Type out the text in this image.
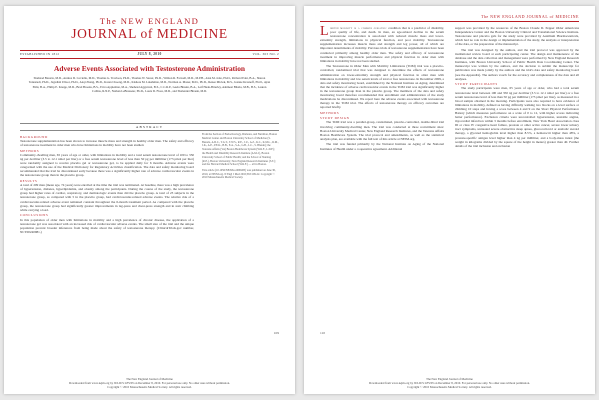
The NEW ENGLAND
JOURNAL of MEDICINE
ESTABLISHED IN 1812	JULY 8, 2010	VOL. 363 NO. 2
Adverse Events Associated with Testosterone Administration
Shehzad Basaria, M.D., Andrea D. Coviello, M.D., Thomas G. Travison, Ph.D., Thomas W. Storer, Ph.D., Wildon R. Farwell, M.D., M.P.H., Alan M. Jette, Ph.D., Richard Eder, B.A., Sharon Tennstedt, Ph.D., Jagadish Ulloor, Ph.D., Anqi Zhang, Ph.D., Karen Choong, M.D., Kishore M. Lakshman, M.D., Norman A. Mazer, M.D., Ph.D., Renee Miciek, M.S., Jeanne Krasnoff, Ph.D., Ayan Elmi, B.A., Philip E. Knapp, M.D., Brad Brooks, B.S., Erica Appleman, M.A., Shehzad Aggarwal, B.S., C.C.R.P., Gaela Bhasin, B.A., Leif Hede-Brierley, Ashmeet Bhatia, M.B., B.S., Lauren Collins, R.N.P., Nathan LeBrasseur, Ph.D., Louis D. Fiore, M.D., and Shalender Bhasin, M.D.
ABSTRACT
BACKGROUND

Testosterone supplementation has been shown to increase muscle mass and strength in healthy older men. The safety and efficacy of testosterone treatment in older men who have limitations in mobility have not been studied.

METHODS

Community-dwelling men, 65 years of age or older, with limitations in mobility and a total serum testosterone level of 100 to 350 ng per deciliter (3.5 to 12.1 nmol per liter) or a free serum testosterone level of less than 50 pg per milliliter (173 pmol per liter) were randomly assigned to receive placebo gel or testosterone gel, to be applied daily for 6 months. Adverse events were categorized with the use of the Medical Dictionary for Regulatory Activities classification. The data and safety monitoring board recommended that the trial be discontinued early because there was a significantly higher rate of adverse cardiovascular events in the testosterone group than in the placebo group.

RESULTS

A total of 209 men (mean age, 74 years) were enrolled at the time the trial was terminated. At baseline, there was a high prevalence of hypertension, diabetes, hyperlipidemia, and obesity among the participants. During the course of the study, the testosterone group had higher rates of cardiac, respiratory, and dermatologic events than did the placebo group. A total of 23 subjects in the testosterone group, as compared with 5 in the placebo group, had cardiovascular-related adverse events. The relative risk of a cardiovascular-related adverse event remained constant throughout the 6-month treatment period. As compared with the placebo group, the testosterone group had significantly greater improvements in leg-press and chest-press strength and in stair climbing while carrying a load.

CONCLUSIONS

In this population of older men with limitations in mobility and a high prevalence of chronic disease, the application of a testosterone gel was associated with an increased risk of cardiovascular adverse events. The small size of the trial and the unique population prevent broader inferences from being made about the safety of testosterone therapy. (ClinicalTrials.gov number, NCT00240981.)

From the Section of Endocrinology, Diabetes, and Nutrition, Boston Medical Center and Boston University School of Medicine (S. Basaria, A.D.C., T.G.T., T.W.S., R.E., J.U., A.Z., K.C., K.M.L., R.M., J.K., A.E., P.E.K., B.B., E.A., S.A., G.B., L.C., S. Bhasin); the Veterans Affairs (VA) Boston Healthcare System (W.R.F., L.D.F.); the Health and Disability Research Institute (A.M.J.), Boston University School of Public Health; and the School of Nursing (R.E.), Boston University; New England Research Institutes (S.T.); and the Harvard Medical School (W.R.F.) — all in Boston.

This article (10.1056/NEJMoa1000485) was published on June 30, 2010, at NEJM.org. N Engl J Med 2010;363:109-22. Copyright © 2010 Massachusetts Medical Society.

109
The New England Journal of Medicine
Downloaded from www.nejm.org by JULIUS LEVIN on December 8, 2010. For personal use only. No other uses without permission.
Copyright © 2010 Massachusetts Medical Society. All rights reserved.
The NEW ENGLAND JOURNAL of MEDICINE

Limited mobility is a common geriatric condition that is a predictor of disability, poor quality of life, and death. In men, an age-related decline in the serum testosterone concentration is associated with reduced muscle mass and lower-extremity strength, limitations in physical function, and poor mobility. Testosterone supplementation increases muscle mass and strength and leg power, all of which are important determinants of mobility. Previous trials of testosterone supplementation have been conducted primarily among healthy older men. The safety and efficacy of testosterone treatment in improving muscle performance and physical function in older men with limitations in mobility have not been studied.

The Testosterone in Older Men with Mobility Limitations (TOM) trial was a placebo-controlled, randomized trial that was designed to determine the effects of testosterone administration on lower-extremity strength and physical function in older men with limitations in mobility and low serum levels of total or free testosterone. In December 2009, a data and safety monitoring board, established by the National Institute on Aging, determined that the incidence of adverse cardiovascular events in the TOM trial was significantly higher in the testosterone group than in the placebo group. The members of the data and safety monitoring board therefore recommended that enrollment and administration of the study medications be discontinued. We report here the adverse events associated with testosterone therapy in the TOM trial. The effects of testosterone therapy on efficacy outcomes are reported briefly.

METHODS
STUDY DESIGN

The TOM trial was a parallel-group, randomized, placebo-controlled, double-blind trial involving community-dwelling men. The trial was conducted at three recruitment sites: Boston University Medical Center, New England Research Institutes, and the Veterans Affairs Boston Healthcare System. The trial protocol and amendments, as well as the statistical analysis plan, are available with the full text of this article at NEJM.org.

The trial was funded primarily by the National Institute on Aging of the National Institutes of Health under a cooperative agreement. Additional

support was provided by the resources of the Boston Claude D. Pepper Older Americans Independence Center and the Boston University Clinical and Translational Science Institute. Testosterone and placebo gels for the study were provided by Auxilium Pharmaceuticals, which had no role in the design or implementation of the study, the analysis or interpretation of the data, or the preparation of the manuscript.

The trial was designed by the authors, and the trial protocol was approved by the institutional review board at each participating center. The design and maintenance of the database and the data collection and management were performed by New England Research Institutes, with Boston University School of Public Health Data Coordinating Center. The manuscript was written by the authors, and the decision to submit the manuscript for publication was made jointly by the authors and the trial's data and safety monitoring board (see the Appendix). The authors vouch for the accuracy and completeness of the data and all analyses.

STUDY PARTICIPANTS

The study participants were men, 65 years of age or older, who had a total serum testosterone level between 100 and 350 ng per deciliter (3.5 to 12.1 nmol per liter) or a free serum testosterone level of less than 50 pg per milliliter (173 pmol per liter), as measured in a blood sample obtained in the morning. Participants were also required to have evidence of limitations in mobility, defined as having difficulty walking two blocks on a level surface or climbing 10 steps and having a score between 4 and 9 on the Short Physical Performance Battery (which measures performance on a scale of 0 to 12, with higher scores indicating better performance). Exclusion criteria were uncontrolled hypertension, unstable angina, myocardial infarction within 3 months before enrollment, New York Heart Association class III or class IV congestive heart failure, prostate or other active cancer, severe lower urinary tract symptoms, untreated severe obstructive sleep apnea, glucocorticoid or anabolic steroid therapy, a glycated hemoglobin level higher than 8.5%, a hematocrit higher than 48%, a prostate-specific antigen level higher than 4 ng per milliliter, and a body-mass index (the weight in kilograms divided by the square of the height in meters) greater than 40. Further details of the trial inclusion and exclusion

110
The New England Journal of Medicine
Downloaded from www.nejm.org by JULIUS LEVIN on December 8, 2010. For personal use only. No other uses without permission.
Copyright © 2010 Massachusetts Medical Society. All rights reserved.
